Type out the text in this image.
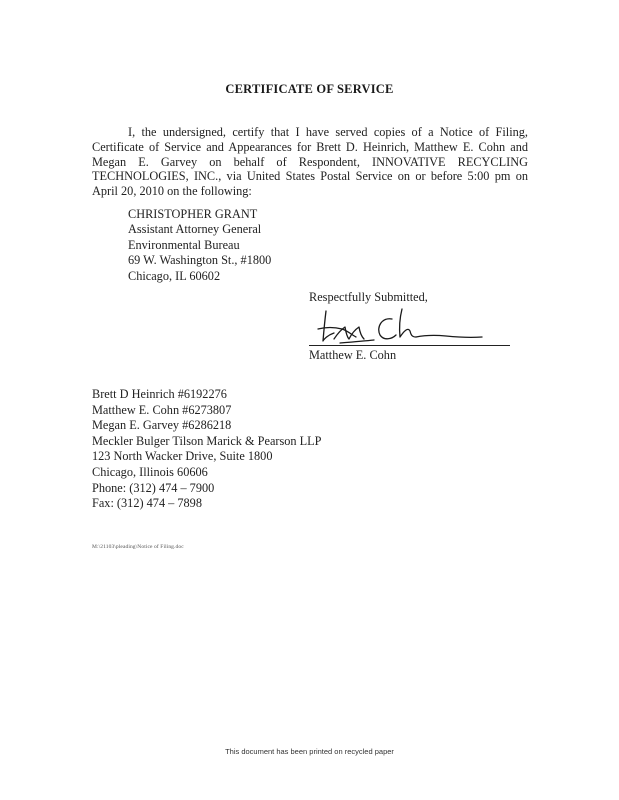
CERTIFICATE OF SERVICE
I, the undersigned, certify that I have served copies of a Notice of Filing, Certificate of Service and Appearances for Brett D. Heinrich, Matthew E. Cohn and Megan E. Garvey on behalf of Respondent, INNOVATIVE RECYCLING TECHNOLOGIES, INC., via United States Postal Service on or before 5:00 pm on April 20, 2010 on the following:
CHRISTOPHER GRANT
Assistant Attorney General
Environmental Bureau
69 W. Washington St., #1800
Chicago, IL 60602
Respectfully Submitted,
Matthew E. Cohn
Brett D Heinrich #6192276
Matthew E. Cohn #6273807
Megan E. Garvey #6286218
Meckler Bulger Tilson Marick & Pearson LLP
123 North Wacker Drive, Suite 1800
Chicago, Illinois 60606
Phone: (312) 474 – 7900
Fax: (312) 474 – 7898
M:\21103\pleading\Notice of Filing.doc
This document has been printed on recycled paper
